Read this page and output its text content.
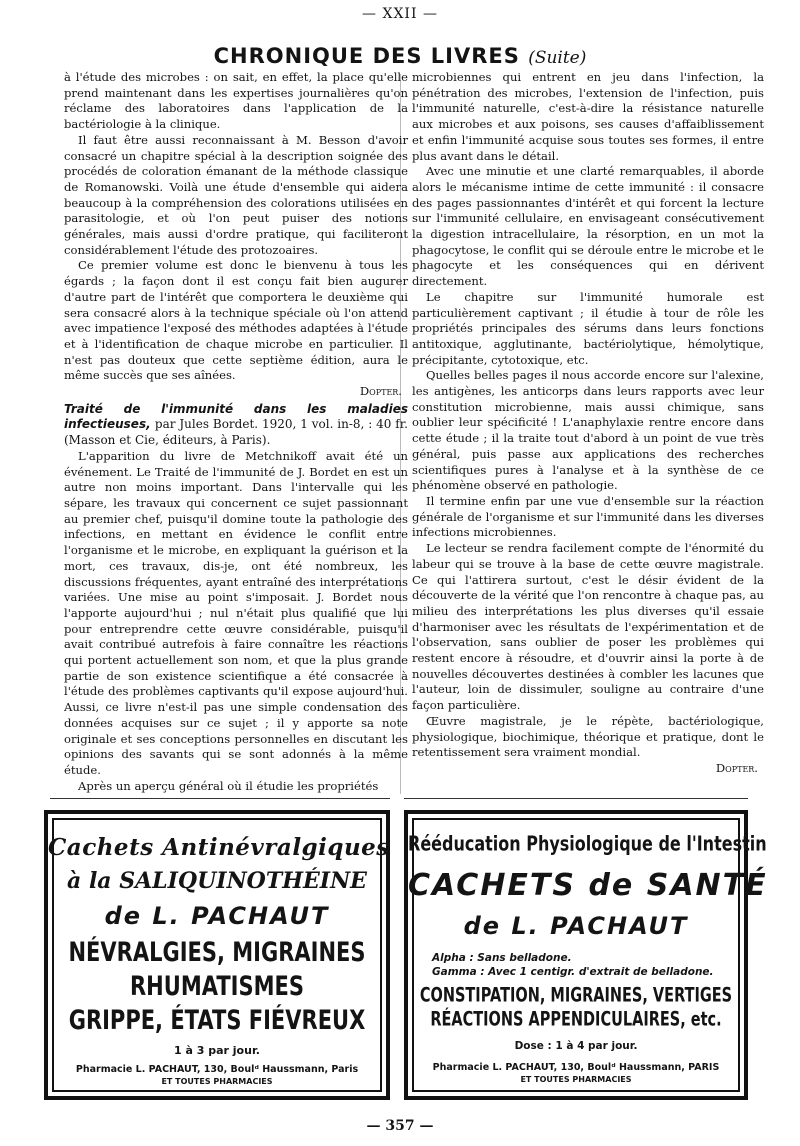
— XXII —
CHRONIQUE DES LIVRES (Suite)

à l'étude des microbes : on sait, en effet, la place qu'elle prend maintenant dans les expertises journalières qu'on réclame des laboratoires dans l'application de la bactériologie à la clinique.

Il faut être aussi reconnaissant à M. Besson d'avoir consacré un chapitre spécial à la description soignée des procédés de coloration émanant de la méthode classique de Romanowski. Voilà une étude d'ensemble qui aidera beaucoup à la compréhension des colorations utilisées en parasitologie, et où l'on peut puiser des notions générales, mais aussi d'ordre pratique, qui faciliteront considérablement l'étude des protozoaires.

Ce premier volume est donc le bienvenu à tous les égards ; la façon dont il est conçu fait bien augurer d'autre part de l'intérêt que comportera le deuxième qui sera consacré alors à la technique spéciale où l'on attend avec impatience l'exposé des méthodes adaptées à l'étude et à l'identification de chaque microbe en particulier. Il n'est pas douteux que cette septième édition, aura le même succès que ses aînées.

Dopter.
Traité de l'immunité dans les maladies infectieuses, par Jules Bordet. 1920, 1 vol. in-8, : 40 fr. (Masson et Cie, éditeurs, à Paris).

L'apparition du livre de Metchnikoff avait été un événement. Le Traité de l'immunité de J. Bordet en est un autre non moins important. Dans l'intervalle qui les sépare, les travaux qui concernent ce sujet passionnant au premier chef, puisqu'il domine toute la pathologie des infections, en mettant en évidence le conflit entre l'organisme et le microbe, en expliquant la guérison et la mort, ces travaux, dis-je, ont été nombreux, les discussions fréquentes, ayant entraîné des interprétations variées. Une mise au point s'imposait. J. Bordet nous l'apporte aujourd'hui ; nul n'était plus qualifié que lui pour entreprendre cette œuvre considérable, puisqu'il avait contribué autrefois à faire connaître les réactions qui portent actuellement son nom, et que la plus grande partie de son existence scientifique a été consacrée à l'étude des problèmes captivants qu'il expose aujourd'hui. Aussi, ce livre n'est-il pas une simple condensation des données acquises sur ce sujet ; il y apporte sa note originale et ses conceptions personnelles en discutant les opinions des savants qui se sont adonnés à la même étude.

Après un aperçu général où il étudie les propriétés

microbiennes qui entrent en jeu dans l'infection, la pénétration des microbes, l'extension de l'infection, puis l'immunité naturelle, c'est-à-dire la résistance naturelle aux microbes et aux poisons, ses causes d'affaiblissement et enfin l'immunité acquise sous toutes ses formes, il entre plus avant dans le détail.

Avec une minutie et une clarté remarquables, il aborde alors le mécanisme intime de cette immunité : il consacre des pages passionnantes d'intérêt et qui forcent la lecture sur l'immunité cellulaire, en envisageant consécutivement la digestion intracellulaire, la résorption, en un mot la phagocytose, le conflit qui se déroule entre le microbe et le phagocyte et les conséquences qui en dérivent directement.

Le chapitre sur l'immunité humorale est particulièrement captivant ; il étudie à tour de rôle les propriétés principales des sérums dans leurs fonctions antitoxique, agglutinante, bactériolytique, hémolytique, précipitante, cytotoxique, etc.

Quelles belles pages il nous accorde encore sur l'alexine, les antigènes, les anticorps dans leurs rapports avec leur constitution microbienne, mais aussi chimique, sans oublier leur spécificité ! L'anaphylaxie rentre encore dans cette étude ; il la traite tout d'abord à un point de vue très général, puis passe aux applications des recherches scientifiques pures à l'analyse et à la synthèse de ce phénomène observé en pathologie.

Il termine enfin par une vue d'ensemble sur la réaction générale de l'organisme et sur l'immunité dans les diverses infections microbiennes.

Le lecteur se rendra facilement compte de l'énormité du labeur qui se trouve à la base de cette œuvre magistrale. Ce qui l'attirera surtout, c'est le désir évident de la découverte de la vérité que l'on rencontre à chaque pas, au milieu des interprétations les plus diverses qu'il essaie d'harmoniser avec les résultats de l'expérimentation et de l'observation, sans oublier de poser les problèmes qui restent encore à résoudre, et d'ouvrir ainsi la porte à de nouvelles découvertes destinées à combler les lacunes que l'auteur, loin de dissimuler, souligne au contraire d'une façon particulière.

Œuvre magistrale, je le répète, bactériologique, physiologique, biochimique, théorique et pratique, dont le retentissement sera vraiment mondial.

Dopter.
Cachets Antinévralgiques
à la SALIQUINOTHÉINE
de L. PACHAUT
NÉVRALGIES, MIGRAINES
RHUMATISMES
GRIPPE, ÉTATS FIÉVREUX
1 à 3 par jour.
Pharmacie L. PACHAUT, 130, Boulᵈ Haussmann, Paris
ET TOUTES PHARMACIES
Rééducation Physiologique de l'Intestin
CACHETS de SANTÉ
de L. PACHAUT
Alpha : Sans belladone.
Gamma : Avec 1 centigr. d'extrait de belladone.
CONSTIPATION, MIGRAINES, VERTIGES
RÉACTIONS APPENDICULAIRES, etc.
Dose : 1 à 4 par jour.
Pharmacie L. PACHAUT, 130, Boulᵈ Haussmann, PARIS
ET TOUTES PHARMACIES
— 357 —
